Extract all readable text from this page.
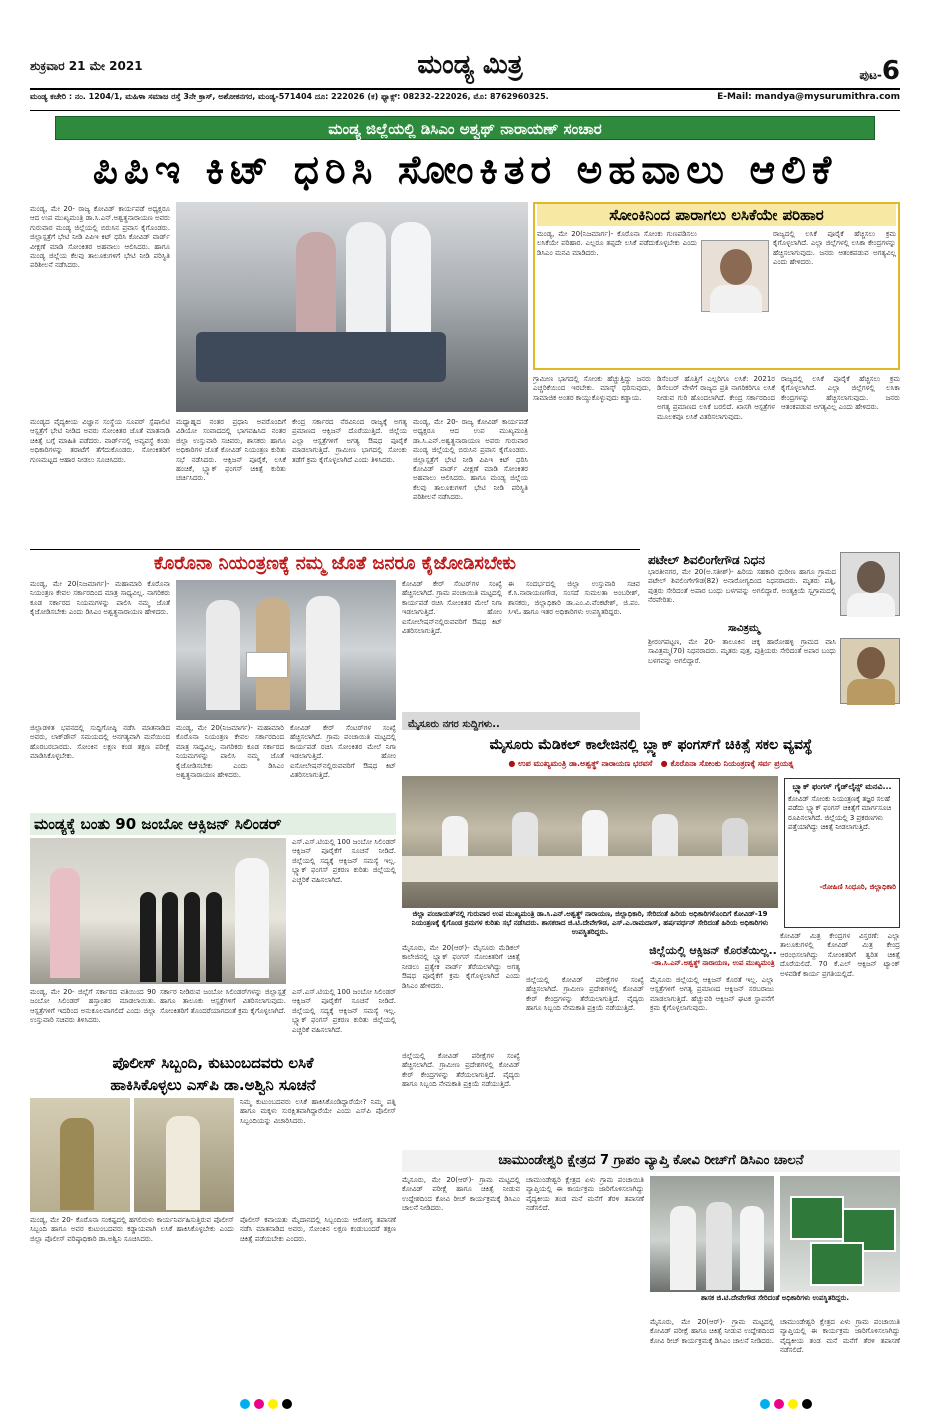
ಶುಕ್ರವಾರ 21 ಮೇ 2021	ಮಂಡ್ಯ ಮಿತ್ರ	ಪುಟ-6
ಮಂಡ್ಯ ಕಚೇರಿ : ನಂ. 1204/1, ಮಹಿಳಾ ಸಮಾಜ ರಸ್ತೆ 3ನೇ ಕ್ರಾಸ್, ಅಶೋಕನಗರ, ಮಂಡ್ಯ-571404 ದೂ: 222026 (ಕ) ಫ್ಯಾಕ್ಸ್: 08232-222026, ಮೊ: 8762960325.	E-Mail: mandya@mysurumithra.com
ಮಂಡ್ಯ ಜಿಲ್ಲೆಯಲ್ಲಿ ಡಿಸಿಎಂ ಅಶ್ವಥ್ ನಾರಾಯಣ್ ಸಂಚಾರ
ಪಿಪಿಇ ಕಿಟ್ ಧರಿಸಿ ಸೋಂಕಿತರ ಅಹವಾಲು ಆಲಿಕೆ
ಮಂಡ್ಯ, ಮೇ 20- ರಾಜ್ಯ ಕೋವಿಡ್ ಕಾರ್ಯಪಡೆ ಅಧ್ಯಕ್ಷರೂ ಆದ ಉಪ ಮುಖ್ಯಮಂತ್ರಿ ಡಾ.ಸಿ.ಎನ್.ಅಶ್ವತ್ಥನಾರಾಯಣ ಅವರು ಗುರುವಾರ ಮಂಡ್ಯ ಜಿಲ್ಲೆಯಲ್ಲಿ ಬಿರುಸಿನ ಪ್ರವಾಸ ಕೈಗೊಂಡರು. ಜಿಲ್ಲಾಸ್ಪತ್ರೆಗೆ ಭೇಟಿ ನೀಡಿ ಪಿಪಿಇ ಕಿಟ್ ಧರಿಸಿ ಕೋವಿಡ್ ವಾರ್ಡ್ ವೀಕ್ಷಣೆ ಮಾಡಿ ಸೋಂಕಿತರ ಅಹವಾಲು ಆಲಿಸಿದರು. ಹಾಗೂ ಮಂಡ್ಯ ಜಿಲ್ಲೆಯ ಕೆಲವು ತಾಲೂಕುಗಳಿಗೆ ಭೇಟಿ ನೀಡಿ ಪರಿಸ್ಥಿತಿ ಪರಿಶೀಲನೆ ನಡೆಸಿದರು.
ಮಂಡ್ಯದ ವೈದ್ಯಕೀಯ ವಿಜ್ಞಾನ ಸಂಸ್ಥೆಯ ಸೂಪರ್ ಸ್ಪೆಷಾಲಿಟಿ ಆಸ್ಪತ್ರೆಗೆ ಭೇಟಿ ನೀಡಿದ ಅವರು ಸೋಂಕಿತರ ಜೊತೆ ಮಾತನಾಡಿ ಚಿಕಿತ್ಸೆ ಬಗ್ಗೆ ಮಾಹಿತಿ ಪಡೆದರು. ವಾರ್ಡ್‌ನಲ್ಲಿ ಅವ್ಯವಸ್ಥೆ ಕಂಡು ಅಧಿಕಾರಿಗಳನ್ನು ತರಾಟೆಗೆ ತೆಗೆದುಕೊಂಡರು. ಸೋಂಕಿತರಿಗೆ ಗುಣಮಟ್ಟದ ಆಹಾರ ನೀಡಲು ಸೂಚಿಸಿದರು.
ಮಧ್ಯಾಹ್ನದ ನಂತರ ಪ್ರಧಾನಿ ಅವರೊಂದಿಗೆ ವಿಡಿಯೋ ಸಂವಾದದಲ್ಲಿ ಭಾಗವಹಿಸಿದ ನಂತರ ಜಿಲ್ಲಾ ಉಸ್ತುವಾರಿ ಸಚಿವರು, ಶಾಸಕರು ಹಾಗೂ ಅಧಿಕಾರಿಗಳ ಜೊತೆ ಕೋವಿಡ್ ನಿಯಂತ್ರಣ ಕುರಿತು ಸಭೆ ನಡೆಸಿದರು. ಆಕ್ಸಿಜನ್ ಪೂರೈಕೆ, ಲಸಿಕೆ ಹಂಚಿಕೆ, ಬ್ಲ್ಯಾಕ್ ಫಂಗಸ್ ಚಿಕಿತ್ಸೆ ಕುರಿತು ಚರ್ಚಿಸಿದರು.
ಕೇಂದ್ರ ಸರ್ಕಾರದ ನೆರವಿನಿಂದ ರಾಜ್ಯಕ್ಕೆ ಅಗತ್ಯ ಪ್ರಮಾಣದ ಆಕ್ಸಿಜನ್ ದೊರೆಯುತ್ತಿದೆ. ಜಿಲ್ಲೆಯ ಎಲ್ಲಾ ಆಸ್ಪತ್ರೆಗಳಿಗೆ ಅಗತ್ಯ ಔಷಧ ಪೂರೈಕೆ ಮಾಡಲಾಗುತ್ತಿದೆ. ಗ್ರಾಮೀಣ ಭಾಗದಲ್ಲಿ ಸೋಂಕು ತಡೆಗೆ ಕ್ರಮ ಕೈಗೊಳ್ಳಲಾಗಿದೆ ಎಂದು ತಿಳಿಸಿದರು.
ಮಂಡ್ಯ, ಮೇ 20- ರಾಜ್ಯ ಕೋವಿಡ್ ಕಾರ್ಯಪಡೆ ಅಧ್ಯಕ್ಷರೂ ಆದ ಉಪ ಮುಖ್ಯಮಂತ್ರಿ ಡಾ.ಸಿ.ಎನ್.ಅಶ್ವತ್ಥನಾರಾಯಣ ಅವರು ಗುರುವಾರ ಮಂಡ್ಯ ಜಿಲ್ಲೆಯಲ್ಲಿ ಬಿರುಸಿನ ಪ್ರವಾಸ ಕೈಗೊಂಡರು. ಜಿಲ್ಲಾಸ್ಪತ್ರೆಗೆ ಭೇಟಿ ನೀಡಿ ಪಿಪಿಇ ಕಿಟ್ ಧರಿಸಿ ಕೋವಿಡ್ ವಾರ್ಡ್ ವೀಕ್ಷಣೆ ಮಾಡಿ ಸೋಂಕಿತರ ಅಹವಾಲು ಆಲಿಸಿದರು. ಹಾಗೂ ಮಂಡ್ಯ ಜಿಲ್ಲೆಯ ಕೆಲವು ತಾಲೂಕುಗಳಿಗೆ ಭೇಟಿ ನೀಡಿ ಪರಿಸ್ಥಿತಿ ಪರಿಶೀಲನೆ ನಡೆಸಿದರು.
ಸೋಂಕಿನಿಂದ ಪಾರಾಗಲು ಲಸಿಕೆಯೇ ಪರಿಹಾರ
ಮಂಡ್ಯ, ಮೇ 20(ನಿಜಮಾರ್ಗ)- ಕೊರೊನಾ ಸೋಂಕು ಗುಣಪಡಿಸಲು ಲಸಿಕೆಯೇ ಪರಿಹಾರ. ಎಲ್ಲರೂ ತಪ್ಪದೇ ಲಸಿಕೆ ಪಡೆದುಕೊಳ್ಳಬೇಕು ಎಂದು ಡಿಸಿಎಂ ಮನವಿ ಮಾಡಿದರು.
ರಾಜ್ಯದಲ್ಲಿ ಲಸಿಕೆ ಪೂರೈಕೆ ಹೆಚ್ಚಿಸಲು ಕ್ರಮ ಕೈಗೊಳ್ಳಲಾಗಿದೆ. ಎಲ್ಲಾ ಜಿಲ್ಲೆಗಳಲ್ಲಿ ಲಸಿಕಾ ಕೇಂದ್ರಗಳನ್ನು ಹೆಚ್ಚಿಸಲಾಗುವುದು. ಜನರು ಆತಂಕಪಡುವ ಅಗತ್ಯವಿಲ್ಲ ಎಂದು ಹೇಳಿದರು.
ಗ್ರಾಮೀಣ ಭಾಗದಲ್ಲಿ ಸೋಂಕು ಹೆಚ್ಚುತ್ತಿದ್ದು ಜನರು ಎಚ್ಚರಿಕೆಯಿಂದ ಇರಬೇಕು. ಮಾಸ್ಕ್ ಧರಿಸುವುದು, ಸಾಮಾಜಿಕ ಅಂತರ ಕಾಯ್ದುಕೊಳ್ಳುವುದು ಕಡ್ಡಾಯ.
ಡಿಸೆಂಬರ್ ಹೊತ್ತಿಗೆ ಎಲ್ಲರಿಗೂ ಲಸಿಕೆ: 2021ರ ಡಿಸೆಂಬರ್ ವೇಳೆಗೆ ರಾಜ್ಯದ ಪ್ರತಿ ನಾಗರಿಕರಿಗೂ ಲಸಿಕೆ ನೀಡುವ ಗುರಿ ಹೊಂದಲಾಗಿದೆ. ಕೇಂದ್ರ ಸರ್ಕಾರದಿಂದ ಅಗತ್ಯ ಪ್ರಮಾಣದ ಲಸಿಕೆ ಬರಲಿದೆ. ಖಾಸಗಿ ಆಸ್ಪತ್ರೆಗಳ ಮೂಲಕವೂ ಲಸಿಕೆ ವಿತರಿಸಲಾಗುವುದು.
ರಾಜ್ಯದಲ್ಲಿ ಲಸಿಕೆ ಪೂರೈಕೆ ಹೆಚ್ಚಿಸಲು ಕ್ರಮ ಕೈಗೊಳ್ಳಲಾಗಿದೆ. ಎಲ್ಲಾ ಜಿಲ್ಲೆಗಳಲ್ಲಿ ಲಸಿಕಾ ಕೇಂದ್ರಗಳನ್ನು ಹೆಚ್ಚಿಸಲಾಗುವುದು. ಜನರು ಆತಂಕಪಡುವ ಅಗತ್ಯವಿಲ್ಲ ಎಂದು ಹೇಳಿದರು.
ಕೊರೊನಾ ನಿಯಂತ್ರಣಕ್ಕೆ ನಮ್ಮ ಜೊತೆ ಜನರೂ ಕೈಜೋಡಿಸಬೇಕು
ಮಂಡ್ಯ, ಮೇ 20(ನಿಜಮಾರ್ಗ)- ಮಹಾಮಾರಿ ಕೊರೊನಾ ನಿಯಂತ್ರಣ ಕೇವಲ ಸರ್ಕಾರದಿಂದ ಮಾತ್ರ ಸಾಧ್ಯವಿಲ್ಲ. ನಾಗರಿಕರು ಕೂಡ ಸರ್ಕಾರದ ನಿಯಮಗಳನ್ನು ಪಾಲಿಸಿ ನಮ್ಮ ಜೊತೆ ಕೈಜೋಡಿಸಬೇಕು ಎಂದು ಡಿಸಿಎಂ ಅಶ್ವತ್ಥನಾರಾಯಣ ಹೇಳಿದರು.
ಕೋವಿಡ್ ಕೇರ್ ಸೆಂಟರ್‌ಗಳ ಸಂಖ್ಯೆ ಹೆಚ್ಚಿಸಲಾಗಿದೆ. ಗ್ರಾಮ ಪಂಚಾಯಿತಿ ಮಟ್ಟದಲ್ಲಿ ಕಾರ್ಯಪಡೆ ರಚಿಸಿ ಸೋಂಕಿತರ ಮೇಲೆ ನಿಗಾ ಇಡಲಾಗುತ್ತಿದೆ. ಹೋಂ ಐಸೋಲೇಷನ್‌ನಲ್ಲಿರುವವರಿಗೆ ಔಷಧ ಕಿಟ್ ವಿತರಿಸಲಾಗುತ್ತಿದೆ.
ಈ ಸಂದರ್ಭದಲ್ಲಿ ಜಿಲ್ಲಾ ಉಸ್ತುವಾರಿ ಸಚಿವ ಕೆ.ಸಿ.ನಾರಾಯಣಗೌಡ, ಸಂಸದೆ ಸುಮಲತಾ ಅಂಬರೀಶ್, ಶಾಸಕರು, ಜಿಲ್ಲಾಧಿಕಾರಿ ಡಾ.ಎಂ.ವಿ.ವೆಂಕಟೇಶ್, ಜಿ.ಪಂ. ಸಿಇಓ ಹಾಗೂ ಇತರ ಅಧಿಕಾರಿಗಳು ಉಪಸ್ಥಿತರಿದ್ದರು.
ಜಿಲ್ಲಾಡಳಿತ ಭವನದಲ್ಲಿ ಸುದ್ದಿಗೋಷ್ಠಿ ನಡೆಸಿ ಮಾತನಾಡಿದ ಅವರು, ಲಾಕ್‌ಡೌನ್ ಸಮಯದಲ್ಲಿ ಅನಗತ್ಯವಾಗಿ ಮನೆಯಿಂದ ಹೊರಬರಬಾರದು. ಸೋಂಕಿನ ಲಕ್ಷಣ ಕಂಡ ತಕ್ಷಣ ಪರೀಕ್ಷೆ ಮಾಡಿಸಿಕೊಳ್ಳಬೇಕು.
ಮಂಡ್ಯ, ಮೇ 20(ನಿಜಮಾರ್ಗ)- ಮಹಾಮಾರಿ ಕೊರೊನಾ ನಿಯಂತ್ರಣ ಕೇವಲ ಸರ್ಕಾರದಿಂದ ಮಾತ್ರ ಸಾಧ್ಯವಿಲ್ಲ. ನಾಗರಿಕರು ಕೂಡ ಸರ್ಕಾರದ ನಿಯಮಗಳನ್ನು ಪಾಲಿಸಿ ನಮ್ಮ ಜೊತೆ ಕೈಜೋಡಿಸಬೇಕು ಎಂದು ಡಿಸಿಎಂ ಅಶ್ವತ್ಥನಾರಾಯಣ ಹೇಳಿದರು.
ಕೋವಿಡ್ ಕೇರ್ ಸೆಂಟರ್‌ಗಳ ಸಂಖ್ಯೆ ಹೆಚ್ಚಿಸಲಾಗಿದೆ. ಗ್ರಾಮ ಪಂಚಾಯಿತಿ ಮಟ್ಟದಲ್ಲಿ ಕಾರ್ಯಪಡೆ ರಚಿಸಿ ಸೋಂಕಿತರ ಮೇಲೆ ನಿಗಾ ಇಡಲಾಗುತ್ತಿದೆ. ಹೋಂ ಐಸೋಲೇಷನ್‌ನಲ್ಲಿರುವವರಿಗೆ ಔಷಧ ಕಿಟ್ ವಿತರಿಸಲಾಗುತ್ತಿದೆ.
ಪಟೇಲ್ ಶಿವಲಿಂಗೇಗೌಡ ನಿಧನ
ಭಾರತೀನಗರ, ಮೇ 20(ಅ.ಸತೀಶ್)- ಹಿರಿಯ ಸಹಕಾರಿ ಧುರೀಣ ಹಾಗೂ ಗ್ರಾಮದ ಪಟೇಲ್ ಶಿವಲಿಂಗೇಗೌಡ(82) ಅನಾರೋಗ್ಯದಿಂದ ನಿಧನರಾದರು. ಮೃತರು ಪತ್ನಿ, ಪುತ್ರರು ಸೇರಿದಂತೆ ಅಪಾರ ಬಂಧು ಬಳಗವನ್ನು ಅಗಲಿದ್ದಾರೆ. ಅಂತ್ಯಕ್ರಿಯೆ ಸ್ವಗ್ರಾಮದಲ್ಲಿ ನೆರವೇರಿತು.
ಸಾವಿತ್ರಮ್ಮ
ಶ್ರೀರಂಗಪಟ್ಟಣ, ಮೇ 20- ತಾಲೂಕಿನ ಚಿಕ್ಕ ಹಾರೋಹಳ್ಳಿ ಗ್ರಾಮದ ವಾಸಿ ಸಾವಿತ್ರಮ್ಮ(70) ನಿಧನರಾದರು. ಮೃತರು ಪುತ್ರ, ಪುತ್ರಿಯರು ಸೇರಿದಂತೆ ಅಪಾರ ಬಂಧು ಬಳಗವನ್ನು ಅಗಲಿದ್ದಾರೆ.
ಮೈಸೂರು ನಗರ ಸುದ್ದಿಗಳು..
ಮೈಸೂರು ಮೆಡಿಕಲ್ ಕಾಲೇಜಿನಲ್ಲಿ ಬ್ಲ್ಯಾಕ್ ಫಂಗಸ್‌ಗೆ ಚಿಕಿತ್ಸೆ ಸಕಲ ವ್ಯವಸ್ಥೆ
● ಉಪ ಮುಖ್ಯಮಂತ್ರಿ ಡಾ.ಅಶ್ವತ್ಥ್ ನಾರಾಯಣ ಭರವಸೆ ● ಕೊರೊನಾ ಸೋಂಕು ನಿಯಂತ್ರಣಕ್ಕೆ ಸರ್ವ ಪ್ರಯತ್ನ
ಜಿಲ್ಲಾ ಪಂಚಾಯತ್‌ನಲ್ಲಿ ಗುರುವಾರ ಉಪ ಮುಖ್ಯಮಂತ್ರಿ ಡಾ.ಸಿ.ಎನ್.ಅಶ್ವತ್ಥ್ ನಾರಾಯಣ, ಜಿಲ್ಲಾಧಿಕಾರಿ, ಸೇರಿದಂತೆ ಹಿರಿಯ ಅಧಿಕಾರಿಗಳೊಂದಿಗೆ ಕೋವಿಡ್-19 ನಿಯಂತ್ರಣಕ್ಕೆ ಕೈಗೊಂಡ ಕ್ರಮಗಳ ಕುರಿತು ಸಭೆ ನಡೆಸಿದರು. ಶಾಸಕರಾದ ಜಿ.ಟಿ.ದೇವೇಗೌಡ, ಎಸ್.ಎ.ರಾಮದಾಸ್, ಹರ್ಷವರ್ಧನ್ ಸೇರಿದಂತೆ ಹಿರಿಯ ಅಧಿಕಾರಿಗಳು ಉಪಸ್ಥಿತರಿದ್ದರು.
ಬ್ಲ್ಯಾಕ್ ಫಂಗಸ್ ಗೈಡ್‌ಲೈನ್ಸ್ ಮನವಿ...
ಕೋವಿಡ್ ಸೋಂಕು ನಿಯಂತ್ರಣಕ್ಕೆ ತಜ್ಞರ ಸಲಹೆ ಪಡೆದು ಬ್ಲ್ಯಾಕ್ ಫಂಗಸ್ ಚಿಕಿತ್ಸೆಗೆ ಮಾರ್ಗಸೂಚಿ ರೂಪಿಸಲಾಗಿದೆ. ಜಿಲ್ಲೆಯಲ್ಲಿ 3 ಪ್ರಕರಣಗಳು ಪತ್ತೆಯಾಗಿದ್ದು ಚಿಕಿತ್ಸೆ ನೀಡಲಾಗುತ್ತಿದೆ.
-ರೋಹಿಣಿ ಸಿಂಧೂರಿ, ಜಿಲ್ಲಾಧಿಕಾರಿ
ಮಂಡ್ಯಕ್ಕೆ ಬಂತು 90 ಜಂಬೋ ಆಕ್ಸಿಜನ್ ಸಿಲಿಂಡರ್
ಎಸ್.ಎಸ್.ಟಿಯಲ್ಲಿ 100 ಜಂಬೋ ಸಿಲಿಂಡರ್ ಆಕ್ಸಿಜನ್ ಪೂರೈಕೆಗೆ ಸೂಚನೆ ನೀಡಿದೆ. ಜಿಲ್ಲೆಯಲ್ಲಿ ಸದ್ಯಕ್ಕೆ ಆಕ್ಸಿಜನ್ ಸಮಸ್ಯೆ ಇಲ್ಲ. ಬ್ಲ್ಯಾಕ್ ಫಂಗಸ್ ಪ್ರಕರಣ ಕುರಿತು ಜಿಲ್ಲೆಯಲ್ಲಿ ಎಚ್ಚರಿಕೆ ವಹಿಸಲಾಗಿದೆ.
ಮಂಡ್ಯ, ಮೇ 20- ಜಿಲ್ಲೆಗೆ ಸರ್ಕಾರದ ವತಿಯಿಂದ 90 ಜಂಬೋ ಸಿಲಿಂಡರ್ ಹಸ್ತಾಂತರ ಮಾಡಲಾಯಿತು. ಆಸ್ಪತ್ರೆಗಳಿಗೆ ಇದರಿಂದ ಅನುಕೂಲವಾಗಲಿದೆ ಎಂದು ಜಿಲ್ಲಾ ಉಸ್ತುವಾರಿ ಸಚಿವರು ತಿಳಿಸಿದರು.
ಸರ್ಕಾರ ನೀಡಿರುವ ಜಂಬೋ ಸಿಲಿಂಡರ್‌ಗಳನ್ನು ಜಿಲ್ಲಾಸ್ಪತ್ರೆ ಹಾಗೂ ತಾಲೂಕು ಆಸ್ಪತ್ರೆಗಳಿಗೆ ವಿತರಿಸಲಾಗುವುದು. ಸೋಂಕಿತರಿಗೆ ತೊಂದರೆಯಾಗದಂತೆ ಕ್ರಮ ಕೈಗೊಳ್ಳಲಾಗಿದೆ.
ಎಸ್.ಎಸ್.ಟಿಯಲ್ಲಿ 100 ಜಂಬೋ ಸಿಲಿಂಡರ್ ಆಕ್ಸಿಜನ್ ಪೂರೈಕೆಗೆ ಸೂಚನೆ ನೀಡಿದೆ. ಜಿಲ್ಲೆಯಲ್ಲಿ ಸದ್ಯಕ್ಕೆ ಆಕ್ಸಿಜನ್ ಸಮಸ್ಯೆ ಇಲ್ಲ. ಬ್ಲ್ಯಾಕ್ ಫಂಗಸ್ ಪ್ರಕರಣ ಕುರಿತು ಜಿಲ್ಲೆಯಲ್ಲಿ ಎಚ್ಚರಿಕೆ ವಹಿಸಲಾಗಿದೆ.
ಮೈಸೂರು, ಮೇ 20(ಆರ್)- ಮೈಸೂರು ಮೆಡಿಕಲ್ ಕಾಲೇಜಿನಲ್ಲಿ ಬ್ಲ್ಯಾಕ್ ಫಂಗಸ್ ಸೋಂಕಿತರಿಗೆ ಚಿಕಿತ್ಸೆ ನೀಡಲು ಪ್ರತ್ಯೇಕ ವಾರ್ಡ್ ತೆರೆಯಲಾಗಿದ್ದು ಅಗತ್ಯ ಔಷಧ ಪೂರೈಕೆಗೆ ಕ್ರಮ ಕೈಗೊಳ್ಳಲಾಗಿದೆ ಎಂದು ಡಿಸಿಎಂ ಹೇಳಿದರು.
ಜಿಲ್ಲೆಯಲ್ಲಿ ಆಕ್ಸಿಜನ್ ಕೊರತೆಯಿಲ್ಲ..
-ಡಾ.ಸಿ.ಎನ್.ಅಶ್ವತ್ಥ್ ನಾರಾಯಣ, ಉಪ ಮುಖ್ಯಮಂತ್ರಿ
ಜಿಲ್ಲೆಯಲ್ಲಿ ಕೋವಿಡ್ ಪರೀಕ್ಷೆಗಳ ಸಂಖ್ಯೆ ಹೆಚ್ಚಿಸಲಾಗಿದೆ. ಗ್ರಾಮೀಣ ಪ್ರದೇಶಗಳಲ್ಲಿ ಕೋವಿಡ್ ಕೇರ್ ಕೇಂದ್ರಗಳನ್ನು ತೆರೆಯಲಾಗುತ್ತಿದೆ. ವೈದ್ಯರು ಹಾಗೂ ಸಿಬ್ಬಂದಿ ನೇಮಕಾತಿ ಪ್ರಕ್ರಿಯೆ ನಡೆಯುತ್ತಿದೆ.
ಮೈಸೂರು ಜಿಲ್ಲೆಯಲ್ಲಿ ಆಕ್ಸಿಜನ್ ಕೊರತೆ ಇಲ್ಲ. ಎಲ್ಲಾ ಆಸ್ಪತ್ರೆಗಳಿಗೆ ಅಗತ್ಯ ಪ್ರಮಾಣದ ಆಕ್ಸಿಜನ್ ಸರಬರಾಜು ಮಾಡಲಾಗುತ್ತಿದೆ. ಹೆಚ್ಚುವರಿ ಆಕ್ಸಿಜನ್ ಘಟಕ ಸ್ಥಾಪನೆಗೆ ಕ್ರಮ ಕೈಗೊಳ್ಳಲಾಗುವುದು.
ಕೋವಿಡ್ ಮಿತ್ರ ಕೇಂದ್ರಗಳ ವಿಸ್ತರಣೆ: ಎಲ್ಲಾ ತಾಲೂಕುಗಳಲ್ಲಿ ಕೋವಿಡ್ ಮಿತ್ರ ಕೇಂದ್ರ ಆರಂಭಿಸಲಾಗಿದ್ದು ಸೋಂಕಿತರಿಗೆ ತ್ವರಿತ ಚಿಕಿತ್ಸೆ ದೊರೆಯಲಿದೆ. 70 ಕೆ.ಎಲ್ ಆಕ್ಸಿಜನ್ ಟ್ಯಾಂಕ್ ಅಳವಡಿಕೆ ಕಾರ್ಯ ಪ್ರಗತಿಯಲ್ಲಿದೆ.
ಜಿಲ್ಲೆಯಲ್ಲಿ ಕೋವಿಡ್ ಪರೀಕ್ಷೆಗಳ ಸಂಖ್ಯೆ ಹೆಚ್ಚಿಸಲಾಗಿದೆ. ಗ್ರಾಮೀಣ ಪ್ರದೇಶಗಳಲ್ಲಿ ಕೋವಿಡ್ ಕೇರ್ ಕೇಂದ್ರಗಳನ್ನು ತೆರೆಯಲಾಗುತ್ತಿದೆ. ವೈದ್ಯರು ಹಾಗೂ ಸಿಬ್ಬಂದಿ ನೇಮಕಾತಿ ಪ್ರಕ್ರಿಯೆ ನಡೆಯುತ್ತಿದೆ.
ಪೊಲೀಸ್ ಸಿಬ್ಬಂದಿ, ಕುಟುಂಬದವರು ಲಸಿಕೆ
ಹಾಕಿಸಿಕೊಳ್ಳಲು ಎಸ್‌ಪಿ ಡಾ.ಅಶ್ವಿನಿ ಸೂಚನೆ
ನಿಮ್ಮ ಕುಟುಂಬದವರು ಲಸಿಕೆ ಹಾಕಿಸಿಕೊಂಡಿದ್ದಾರೆಯೇ? ನಿಮ್ಮ ಪತ್ನಿ ಹಾಗೂ ಮಕ್ಕಳು ಸುರಕ್ಷಿತವಾಗಿದ್ದಾರೆಯೇ ಎಂದು ಎಸ್‌ಪಿ ಪೊಲೀಸ್ ಸಿಬ್ಬಂದಿಯನ್ನು ವಿಚಾರಿಸಿದರು.
ಮಂಡ್ಯ, ಮೇ 20- ಕೊರೊನಾ ಸಂಕಷ್ಟದಲ್ಲಿ ಹಗಲಿರುಳು ಕಾರ್ಯನಿರ್ವಹಿಸುತ್ತಿರುವ ಪೊಲೀಸ್ ಸಿಬ್ಬಂದಿ ಹಾಗೂ ಅವರ ಕುಟುಂಬದವರು ಕಡ್ಡಾಯವಾಗಿ ಲಸಿಕೆ ಹಾಕಿಸಿಕೊಳ್ಳಬೇಕು ಎಂದು ಜಿಲ್ಲಾ ಪೊಲೀಸ್ ವರಿಷ್ಠಾಧಿಕಾರಿ ಡಾ.ಅಶ್ವಿನಿ ಸೂಚಿಸಿದರು.
ಪೊಲೀಸ್ ಕವಾಯತು ಮೈದಾನದಲ್ಲಿ ಸಿಬ್ಬಂದಿಯ ಆರೋಗ್ಯ ತಪಾಸಣೆ ನಡೆಸಿ ಮಾತನಾಡಿದ ಅವರು, ಸೋಂಕಿನ ಲಕ್ಷಣ ಕಂಡುಬಂದರೆ ತಕ್ಷಣ ಚಿಕಿತ್ಸೆ ಪಡೆಯಬೇಕು ಎಂದರು.
ಚಾಮುಂಡೇಶ್ವರಿ ಕ್ಷೇತ್ರದ 7 ಗ್ರಾಪಂ ವ್ಯಾಪ್ತಿ ಕೋವಿ ರೀಚ್‌ಗೆ ಡಿಸಿಎಂ ಚಾಲನೆ
ಮೈಸೂರು, ಮೇ 20(ಆರ್)- ಗ್ರಾಮ ಮಟ್ಟದಲ್ಲಿ ಕೋವಿಡ್ ಪರೀಕ್ಷೆ ಹಾಗೂ ಚಿಕಿತ್ಸೆ ನೀಡುವ ಉದ್ದೇಶದಿಂದ ಕೋವಿ ರೀಚ್ ಕಾರ್ಯಕ್ರಮಕ್ಕೆ ಡಿಸಿಎಂ ಚಾಲನೆ ನೀಡಿದರು.
ಚಾಮುಂಡೇಶ್ವರಿ ಕ್ಷೇತ್ರದ ಏಳು ಗ್ರಾಮ ಪಂಚಾಯಿತಿ ವ್ಯಾಪ್ತಿಯಲ್ಲಿ ಈ ಕಾರ್ಯಕ್ರಮ ಜಾರಿಗೊಳಿಸಲಾಗಿದ್ದು ವೈದ್ಯಕೀಯ ತಂಡ ಮನೆ ಮನೆಗೆ ತೆರಳಿ ತಪಾಸಣೆ ನಡೆಸಲಿದೆ.
ಶಾಸಕ ಜಿ.ಟಿ.ದೇವೇಗೌಡ ಸೇರಿದಂತೆ ಅಧಿಕಾರಿಗಳು ಉಪಸ್ಥಿತರಿದ್ದರು.
ಮೈಸೂರು, ಮೇ 20(ಆರ್)- ಗ್ರಾಮ ಮಟ್ಟದಲ್ಲಿ ಕೋವಿಡ್ ಪರೀಕ್ಷೆ ಹಾಗೂ ಚಿಕಿತ್ಸೆ ನೀಡುವ ಉದ್ದೇಶದಿಂದ ಕೋವಿ ರೀಚ್ ಕಾರ್ಯಕ್ರಮಕ್ಕೆ ಡಿಸಿಎಂ ಚಾಲನೆ ನೀಡಿದರು.
ಚಾಮುಂಡೇಶ್ವರಿ ಕ್ಷೇತ್ರದ ಏಳು ಗ್ರಾಮ ಪಂಚಾಯಿತಿ ವ್ಯಾಪ್ತಿಯಲ್ಲಿ ಈ ಕಾರ್ಯಕ್ರಮ ಜಾರಿಗೊಳಿಸಲಾಗಿದ್ದು ವೈದ್ಯಕೀಯ ತಂಡ ಮನೆ ಮನೆಗೆ ತೆರಳಿ ತಪಾಸಣೆ ನಡೆಸಲಿದೆ.
